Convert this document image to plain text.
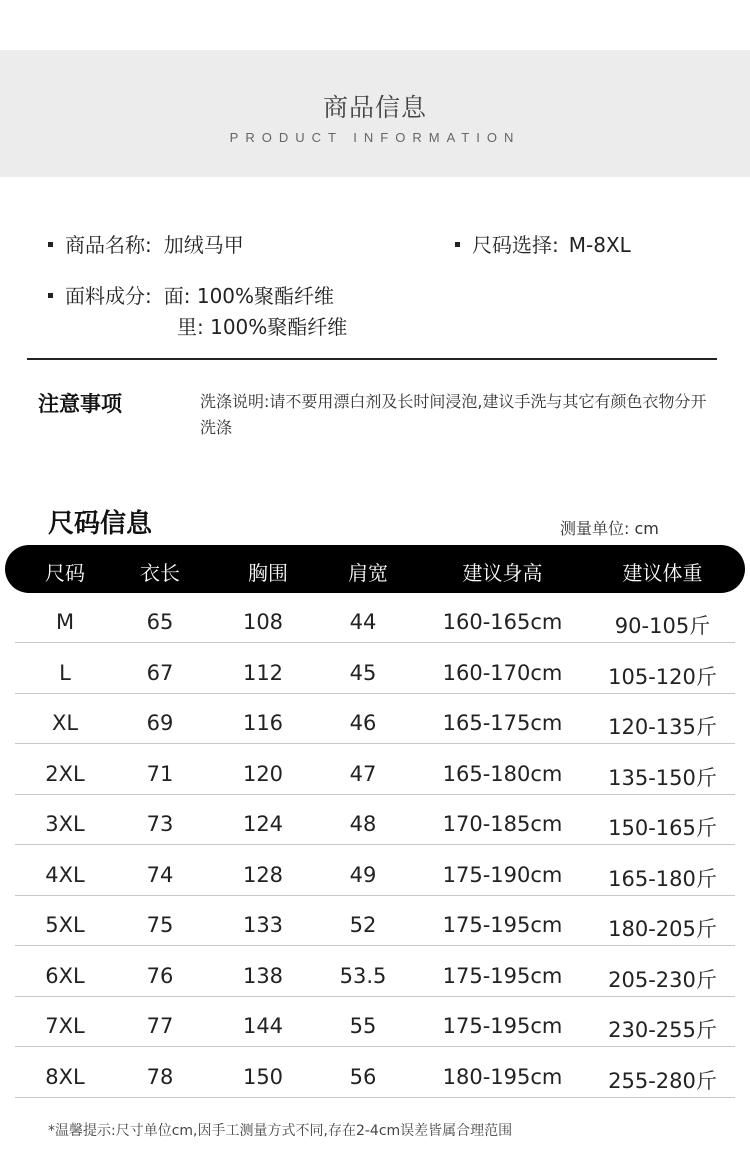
商品信息
PRODUCT INFORMATION
商品名称: 加绒马甲	尺码选择: M-8XL
面料成分: 面: 100%聚酯纤维
里: 100%聚酯纤维
注意事项	洗涤说明:请不要用漂白剂及长时间浸泡,建议手洗与其它有颜色衣物分开洗涤
尺码信息	测量单位: cm
尺码	衣长	胸围	肩宽	建议身高	建议体重
M	65	108	44	160-165cm	90-105斤
L	67	112	45	160-170cm	105-120斤
XL	69	116	46	165-175cm	120-135斤
2XL	71	120	47	165-180cm	135-150斤
3XL	73	124	48	170-185cm	150-165斤
4XL	74	128	49	175-190cm	165-180斤
5XL	75	133	52	175-195cm	180-205斤
6XL	76	138	53.5	175-195cm	205-230斤
7XL	77	144	55	175-195cm	230-255斤
8XL	78	150	56	180-195cm	255-280斤
*温馨提示:尺寸单位cm,因手工测量方式不同,存在2-4cm误差皆属合理范围
